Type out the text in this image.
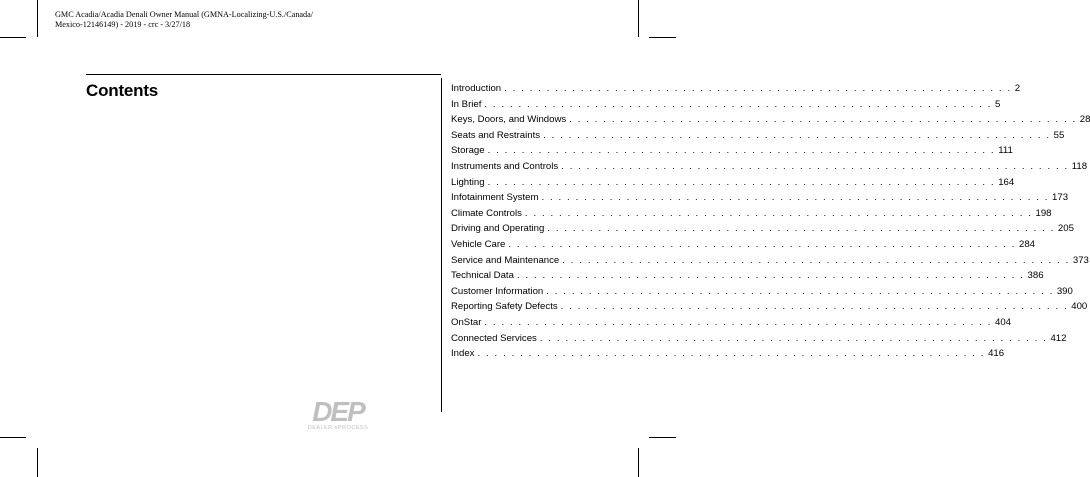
GMC Acadia/Acadia Denali Owner Manual (GMNA-Localizing-U.S./Canada/
Mexico-12146149) - 2019 - crc - 3/27/18
Contents	Introduction . . . . . . . . . . . . . . . . . . . . . . . . . . . . . . . . . . . . . . . . . . . . . . . . . . . . . . . . . . . . 2
In Brief . . . . . . . . . . . . . . . . . . . . . . . . . . . . . . . . . . . . . . . . . . . . . . . . . . . . . . . . . . . . 5
Keys, Doors, and Windows . . . . . . . . . . . . . . . . . . . . . . . . . . . . . . . . . . . . . . . . . . . . . . . . . . . . . . . . . . . . 28
Seats and Restraints . . . . . . . . . . . . . . . . . . . . . . . . . . . . . . . . . . . . . . . . . . . . . . . . . . . . . . . . . . . . 55
Storage . . . . . . . . . . . . . . . . . . . . . . . . . . . . . . . . . . . . . . . . . . . . . . . . . . . . . . . . . . . . 111
Instruments and Controls . . . . . . . . . . . . . . . . . . . . . . . . . . . . . . . . . . . . . . . . . . . . . . . . . . . . . . . . . . . . 118
Lighting . . . . . . . . . . . . . . . . . . . . . . . . . . . . . . . . . . . . . . . . . . . . . . . . . . . . . . . . . . . . 164
Infotainment System . . . . . . . . . . . . . . . . . . . . . . . . . . . . . . . . . . . . . . . . . . . . . . . . . . . . . . . . . . . . 173
Climate Controls . . . . . . . . . . . . . . . . . . . . . . . . . . . . . . . . . . . . . . . . . . . . . . . . . . . . . . . . . . . . 198
Driving and Operating . . . . . . . . . . . . . . . . . . . . . . . . . . . . . . . . . . . . . . . . . . . . . . . . . . . . . . . . . . . . 205
Vehicle Care . . . . . . . . . . . . . . . . . . . . . . . . . . . . . . . . . . . . . . . . . . . . . . . . . . . . . . . . . . . . 284
Service and Maintenance . . . . . . . . . . . . . . . . . . . . . . . . . . . . . . . . . . . . . . . . . . . . . . . . . . . . . . . . . . . . 373
Technical Data . . . . . . . . . . . . . . . . . . . . . . . . . . . . . . . . . . . . . . . . . . . . . . . . . . . . . . . . . . . . 386
Customer Information . . . . . . . . . . . . . . . . . . . . . . . . . . . . . . . . . . . . . . . . . . . . . . . . . . . . . . . . . . . . 390
Reporting Safety Defects . . . . . . . . . . . . . . . . . . . . . . . . . . . . . . . . . . . . . . . . . . . . . . . . . . . . . . . . . . . . 400
OnStar . . . . . . . . . . . . . . . . . . . . . . . . . . . . . . . . . . . . . . . . . . . . . . . . . . . . . . . . . . . . 404
Connected Services . . . . . . . . . . . . . . . . . . . . . . . . . . . . . . . . . . . . . . . . . . . . . . . . . . . . . . . . . . . . 412
Index . . . . . . . . . . . . . . . . . . . . . . . . . . . . . . . . . . . . . . . . . . . . . . . . . . . . . . . . . . . . 416
DEP
DEALER ePROCESS
